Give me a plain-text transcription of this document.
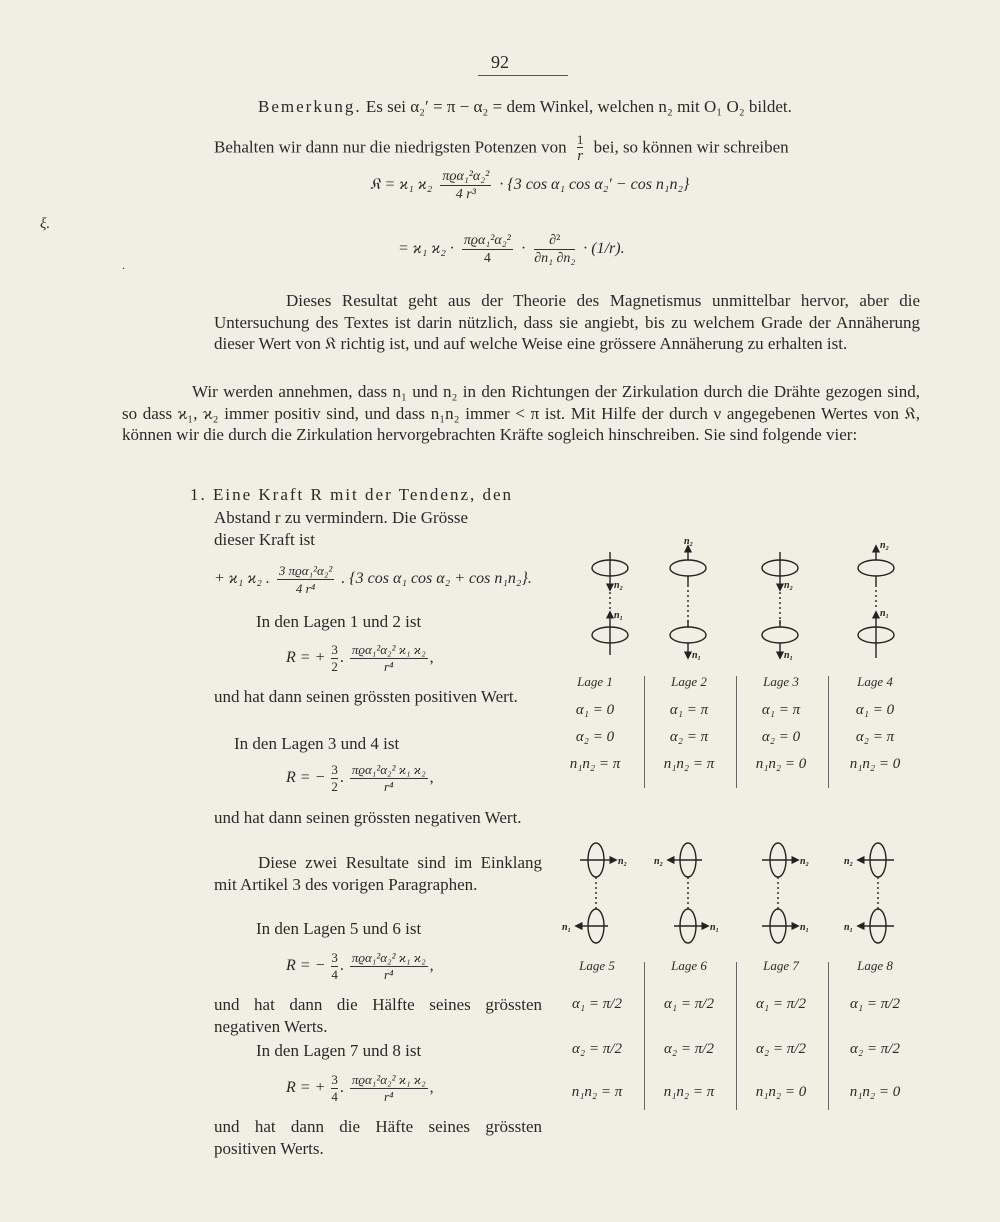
92
ξ.
Bemerkung. Es sei α₂′ = π − α₂ = dem Winkel, welchen n₂ mit O₁ O₂ bildet.
Behalten wir dann nur die niedrigsten Potenzen von $\frac{1}{r}$ bei, so können wir schreiben
𝔎 = ϰ₁ ϰ₂ πϱα₁²α₂²
4 r³
· {3 cos α₁ cos α₂′ − cos n₁n₂}
= ϰ₁ ϰ₂ · πϱα₁²α₂²
4
·	∂²
∂n₁ ∂n₂
· (1/r).
.
Dieses Resultat geht aus der Theorie des Magnetismus unmittelbar hervor, aber die Untersuchung des Textes ist darin nützlich, dass sie angiebt, bis zu welchem Grade der Annäherung dieser Wert von 𝔎 richtig ist, und auf welche Weise eine grössere Annäherung zu erhalten ist.
Wir werden annehmen, dass n₁ und n₂ in den Richtungen der Zirkulation durch die Drähte gezogen sind, so dass ϰ₁, ϰ₂ immer positiv sind, und dass n₁n₂ immer < π ist. Mit Hilfe der durch ν angegebenen Wertes von 𝔎, können wir die durch die Zirkulation hervorgebrachten Kräfte sogleich hinschreiben. Sie sind folgende vier:
1. Eine Kraft R mit der Tendenz, den
Abstand r zu vermindern. Die Grösse
dieser Kraft ist
+ ϰ₁ ϰ₂ . 3 πϱα₁²α₂²
4 r⁴
. {3 cos α₁ cos α₂ + cos n₁n₂}.
In den Lagen 1 und 2 ist
R = + $\frac{3}{2}$ . πϱα₁²α₂² ϰ₁ ϰ₂
r⁴
,
und hat dann seinen grössten positiven Wert.
In den Lagen 3 und 4 ist
R = − $\frac{3}{2}$ . πϱα₁²α₂² ϰ₁ ϰ₂
r⁴
,
und hat dann seinen grössten negativen Wert.
Diese zwei Resultate sind im Einklang mit Artikel 3 des vorigen Paragraphen.
In den Lagen 5 und 6 ist
R = − $\frac{3}{4}$ . πϱα₁²α₂² ϰ₁ ϰ₂
r⁴
,
und hat dann die Hälfte seines grössten negativen Werts.
In den Lagen 7 und 8 ist
R = + $\frac{3}{4}$ . πϱα₁²α₂² ϰ₁ ϰ₂
r⁴
,
und hat dann die Häfte seines grössten positiven Werts.
n₂
n₁
n₂
n₁
n₂
n₁
n₂
n₁
Lage 1
α₁ = 0
α₂ = 0
n₁n₂ = π
Lage 2
α₁ = π
α₂ = π
n₁n₂ = π
Lage 3
α₁ = π
α₂ = 0
n₁n₂ = 0
Lage 4
α₁ = 0
α₂ = π
n₁n₂ = 0
n₂
n₁
n₂
n₁
n₂
n₁
n₂
n₁
Lage 5
α₁ = π/2
α₂ = π/2
n₁n₂ = π
Lage 6
α₁ = π/2
α₂ = π/2
n₁n₂ = π
Lage 7
α₁ = π/2
α₂ = π/2
n₁n₂ = 0
Lage 8
α₁ = π/2
α₂ = π/2
n₁n₂ = 0
